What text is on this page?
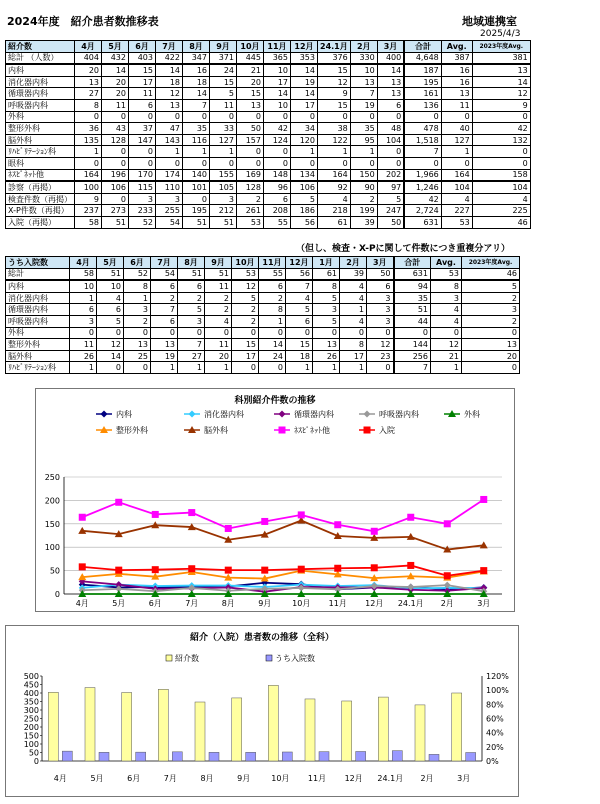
2024年度　紹介患者数推移表	地域連携室
2025/4/3
紹介数	4月	5月	6月	7月	8月	9月	10月	11月	12月	24.1月	2月	3月	合計	Avg.	2023年度Avg.
総計 （人数）	404	432	403	422	347	371	445	365	353	376	330	400	4,648	387	381
内科	20	14	15	14	16	24	21	10	14	15	10	14	187	16	13
消化器内科	13	20	17	18	18	15	20	17	19	12	13	13	195	16	14
循環器内科	27	20	11	12	14	5	15	14	14	9	7	13	161	13	12
呼吸器内科	8	11	6	13	7	11	13	10	17	15	19	6	136	11	9
外科	0	0	0	0	0	0	0	0	0	0	0	0	0	0	0
整形外科	36	43	37	47	35	33	50	42	34	38	35	48	478	40	42
脳外科	135	128	147	143	116	127	157	124	120	122	95	104	1,518	127	132
ﾘﾊﾋﾞﾘﾃｰｼｮﾝ科	1	0	0	1	1	1	0	0	1	1	1	0	7	1	0
眼科	0	0	0	0	0	0	0	0	0	0	0	0	0	0	0
ﾈｽﾋﾟﾈｯﾄ他	164	196	170	174	140	155	169	148	134	164	150	202	1,966	164	158
診察（再掲）	100	106	115	110	101	105	128	96	106	92	90	97	1,246	104	104
検査件数（再掲）	9	0	3	3	0	3	2	6	5	4	2	5	42	4	4
X-P件数（再掲）	237	273	233	255	195	212	261	208	186	218	199	247	2,724	227	225
入院（再掲）	58	51	52	54	51	51	53	55	56	61	39	50	631	53	46
（但し、検査・X-Pに関して件数につき重複分アリ）
うち入院数	4月	5月	6月	7月	8月	9月	10月	11月	12月	1月	2月	3月	合計	Avg.	2023年度Avg.
総計	58	51	52	54	51	51	53	55	56	61	39	50	631	53	46
内科	10	10	8	6	6	11	12	6	7	8	4	6	94	8	5
消化器内科	1	4	1	2	2	2	5	2	4	5	4	3	35	3	2
循環器内科	6	6	3	7	5	2	2	8	5	3	1	3	51	4	3
呼吸器内科	3	5	2	6	3	4	2	1	6	5	4	3	44	4	2
外科	0	0	0	0	0	0	0	0	0	0	0	0	0	0	0
整形外科	11	12	13	13	7	11	15	14	15	13	8	12	144	12	13
脳外科	26	14	25	19	27	20	17	24	18	26	17	23	256	21	20
ﾘﾊﾋﾞﾘﾃｰｼｮﾝ科	1	0	0	1	1	1	0	0	1	1	1	0	7	1	0
科別紹介件数の推移
0
50
100
150
200
250
4月	5月	6月	7月	8月	9月	10月 11月 12月 24.1月 2月	3月
内科	消化器内科	循環器内科	呼吸器内科	外科
整形外科	脳外科	ﾈｽﾋﾟﾈｯﾄ他	入院
紹介（入院）患者数の推移（全科）
0
50
100
150
200
250
300
350
400
450
500
0%
20%
40%
60%
80%
100%
120%
紹介数	うち入院数
4月	5月	6月	7月	8月	9月	10月 11月 12月 24.1月 2月	3月
